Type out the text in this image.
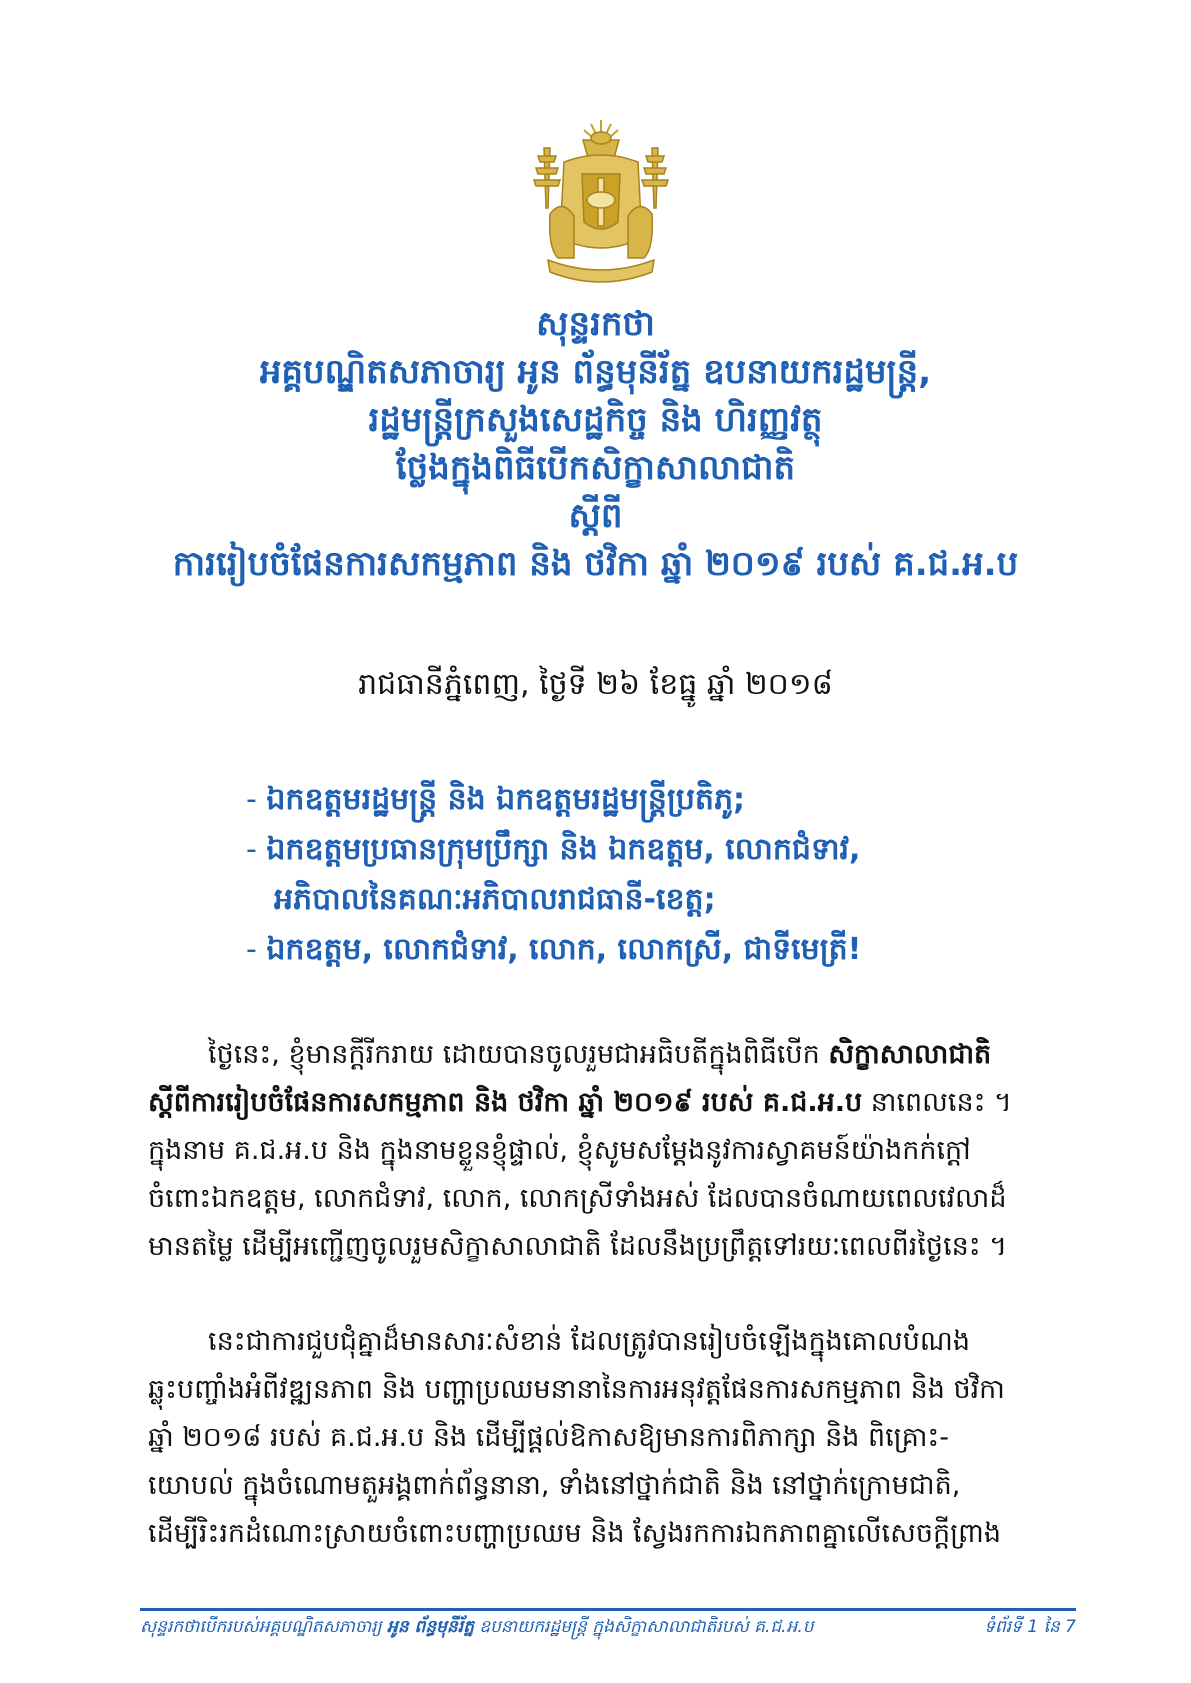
សុន្ទរកថា
អគ្គបណ្ឌិតសភាចារ្យ អូន ព័ន្ធមុនីរ័ត្ន ឧបនាយករដ្ឋមន្ត្រី,
រដ្ឋមន្ត្រីក្រសួងសេដ្ឋកិច្ច និង ហិរញ្ញវត្ថុ
ថ្លែងក្នុងពិធីបើកសិក្ខាសាលាជាតិ
ស្តីពី
ការរៀបចំផែនការសកម្មភាព និង ថវិកា ឆ្នាំ ២០១៩ របស់ គ.ជ.អ.ប
រាជធានីភ្នំពេញ, ថ្ងៃទី ២៦ ខែធ្នូ ឆ្នាំ ២០១៨
- ឯកឧត្តមរដ្ឋមន្ត្រី និង ឯកឧត្តមរដ្ឋមន្ត្រីប្រតិភូ;
- ឯកឧត្តមប្រធានក្រុមប្រឹក្សា និង ឯកឧត្តម, លោកជំទាវ,
អភិបាលនៃគណៈអភិបាលរាជធានី-ខេត្ត;
- ឯកឧត្តម, លោកជំទាវ, លោក, លោកស្រី, ជាទីមេត្រី!
ថ្ងៃនេះ, ខ្ញុំមានក្តីរីករាយ ដោយបានចូលរួមជាអធិបតីក្នុងពិធីបើក សិក្ខាសាលាជាតិ
ស្តីពីការរៀបចំផែនការសកម្មភាព និង ថវិកា ឆ្នាំ ២០១៩ របស់ គ.ជ.អ.ប នាពេលនេះ ។
ក្នុងនាម គ.ជ.អ.ប និង ក្នុងនាមខ្លួនខ្ញុំផ្ទាល់, ខ្ញុំសូមសម្តែងនូវការស្វាគមន៍យ៉ាងកក់ក្តៅ
ចំពោះឯកឧត្តម, លោកជំទាវ, លោក, លោកស្រីទាំងអស់ ដែលបានចំណាយពេលវេលាដ៏
មានតម្លៃ ដើម្បីអញ្ជើញចូលរួមសិក្ខាសាលាជាតិ ដែលនឹងប្រព្រឹត្តទៅរយៈពេលពីរថ្ងៃនេះ ។
នេះជាការជួបជុំគ្នាដ៏មានសារៈសំខាន់ ដែលត្រូវបានរៀបចំឡើងក្នុងគោលបំណង
ឆ្លុះបញ្ចាំងអំពីវឌ្ឍនភាព និង បញ្ហាប្រឈមនានានៃការអនុវត្តផែនការសកម្មភាព និង ថវិកា
ឆ្នាំ ២០១៨ របស់ គ.ជ.អ.ប និង ដើម្បីផ្តល់ឱកាសឱ្យមានការពិភាក្សា និង ពិគ្រោះ-
យោបល់ ក្នុងចំណោមតួអង្គពាក់ព័ន្ធនានា, ទាំងនៅថ្នាក់ជាតិ និង នៅថ្នាក់ក្រោមជាតិ,
ដើម្បីរិះរកដំណោះស្រាយចំពោះបញ្ហាប្រឈម និង ស្វែងរកការឯកភាពគ្នាលើសេចក្តីព្រាង
សុន្ទរកថាបើករបស់អគ្គបណ្ឌិតសភាចារ្យ អូន ព័ន្ធមុនីរ័ត្ន ឧបនាយករដ្ឋមន្ត្រី ក្នុងសិក្ខាសាលាជាតិរបស់ គ.ជ.អ.ប	ទំព័រទី 1 នៃ 7
